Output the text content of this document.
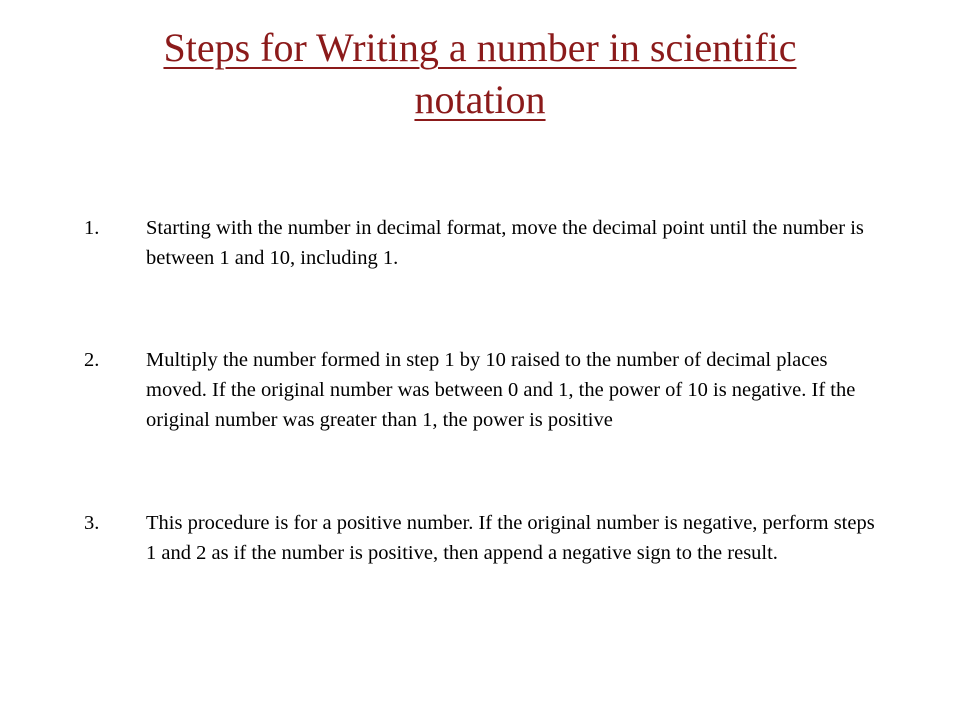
Steps for Writing a number in scientific notation
1.	Starting with the number in decimal format, move the decimal point until the number is between 1 and 10, including 1.
2.	Multiply the number formed in step 1 by 10 raised to the number of decimal places moved. If the original number was between 0 and 1, the power of 10 is negative. If the original number was greater than 1, the power is positive
3.	This procedure is for a positive number. If the original number is negative, perform steps 1 and 2 as if the number is positive, then append a negative sign to the result.
